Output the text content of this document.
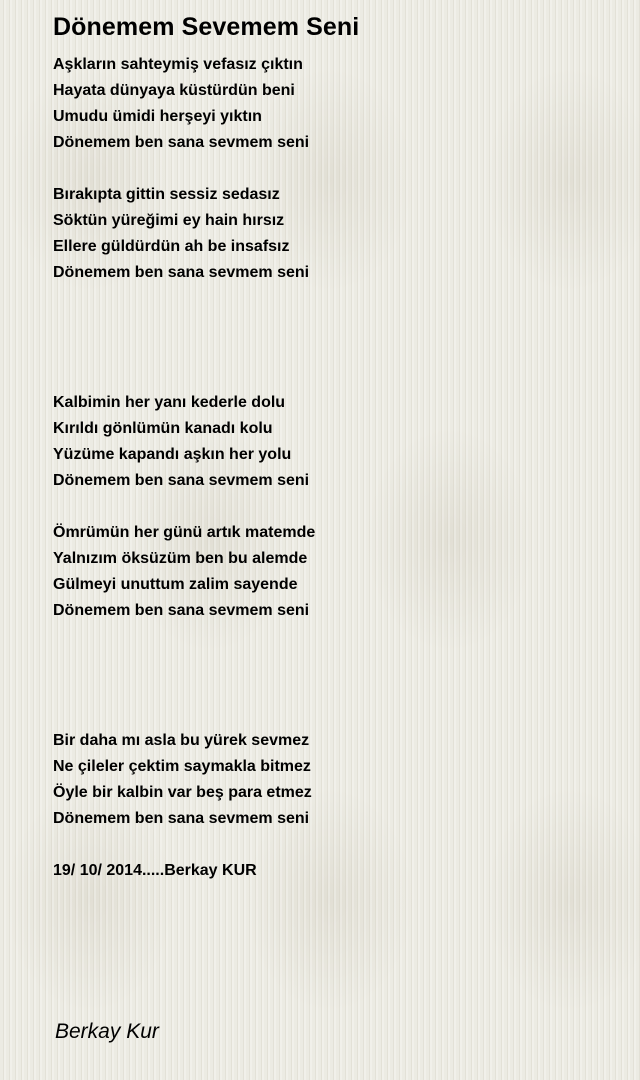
Dönemem Sevemem Seni
Aşkların sahteymiş vefasız çıktın
Hayata dünyaya küstürdün beni
Umudu ümidi herşeyi yıktın
Dönemem ben sana sevmem seni
Bırakıpta gittin sessiz sedasız
Söktün yüreğimi ey hain hırsız
Ellere güldürdün ah be insafsız
Dönemem ben sana sevmem seni
Kalbimin her yanı kederle dolu
Kırıldı gönlümün kanadı kolu
Yüzüme kapandı aşkın her yolu
Dönemem ben sana sevmem seni
Ömrümün her günü artık matemde
Yalnızım öksüzüm ben bu alemde
Gülmeyi unuttum zalim sayende
Dönemem ben sana sevmem seni
Bir daha mı asla bu yürek sevmez
Ne çileler çektim saymakla bitmez
Öyle bir kalbin var beş para etmez
Dönemem ben sana sevmem seni
19/ 10/ 2014.....Berkay KUR
Berkay Kur
